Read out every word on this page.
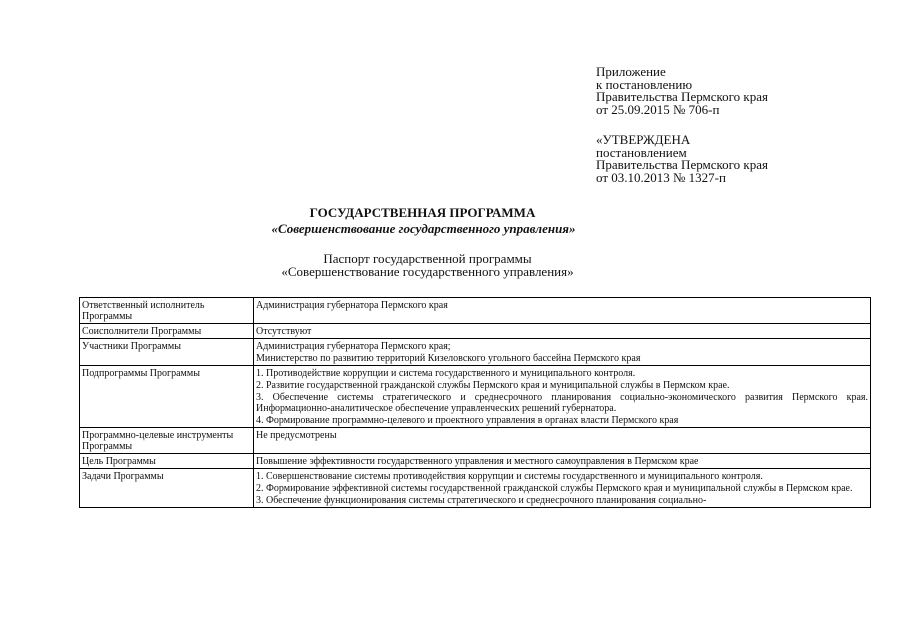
Приложение
к постановлению
Правительства Пермского края
от 25.09.2015 № 706-п
«УТВЕРЖДЕНА
постановлением
Правительства Пермского края
от 03.10.2013 № 1327-п
ГОСУДАРСТВЕННАЯ ПРОГРАММА
«Совершенствование государственного управления»
Паспорт государственной программы
«Совершенствование государственного управления»
Ответственный исполнитель Программы	Администрация губернатора Пермского края

Соисполнители Программы	Отсутствуют

Участники Программы	Администрация губернатора Пермского края;
Министерство по развитию территорий Кизеловского угольного бассейна Пермского края

Подпрограммы Программы	1. Противодействие коррупции и система государственного и муниципального контроля.
2. Развитие государственной гражданской службы Пермского края и муниципальной службы в Пермском крае.
3. Обеспечение системы стратегического и среднесрочного планирования социально-экономического развития Пермского края. Информационно-аналитическое обеспечение управленческих решений губернатора.
4. Формирование программно-целевого и проектного управления в органах власти Пермского края

Программно-целевые инструменты Программы	Не предусмотрены

Цель Программы	Повышение эффективности государственного управления и местного самоуправления в Пермском крае

Задачи Программы	1. Совершенствование системы противодействия коррупции и системы государственного и муниципального контроля.
2. Формирование эффективной системы государственной гражданской службы Пермского края и муниципальной службы в Пермском крае.
3. Обеспечение функционирования системы стратегического и среднесрочного планирования социально-
